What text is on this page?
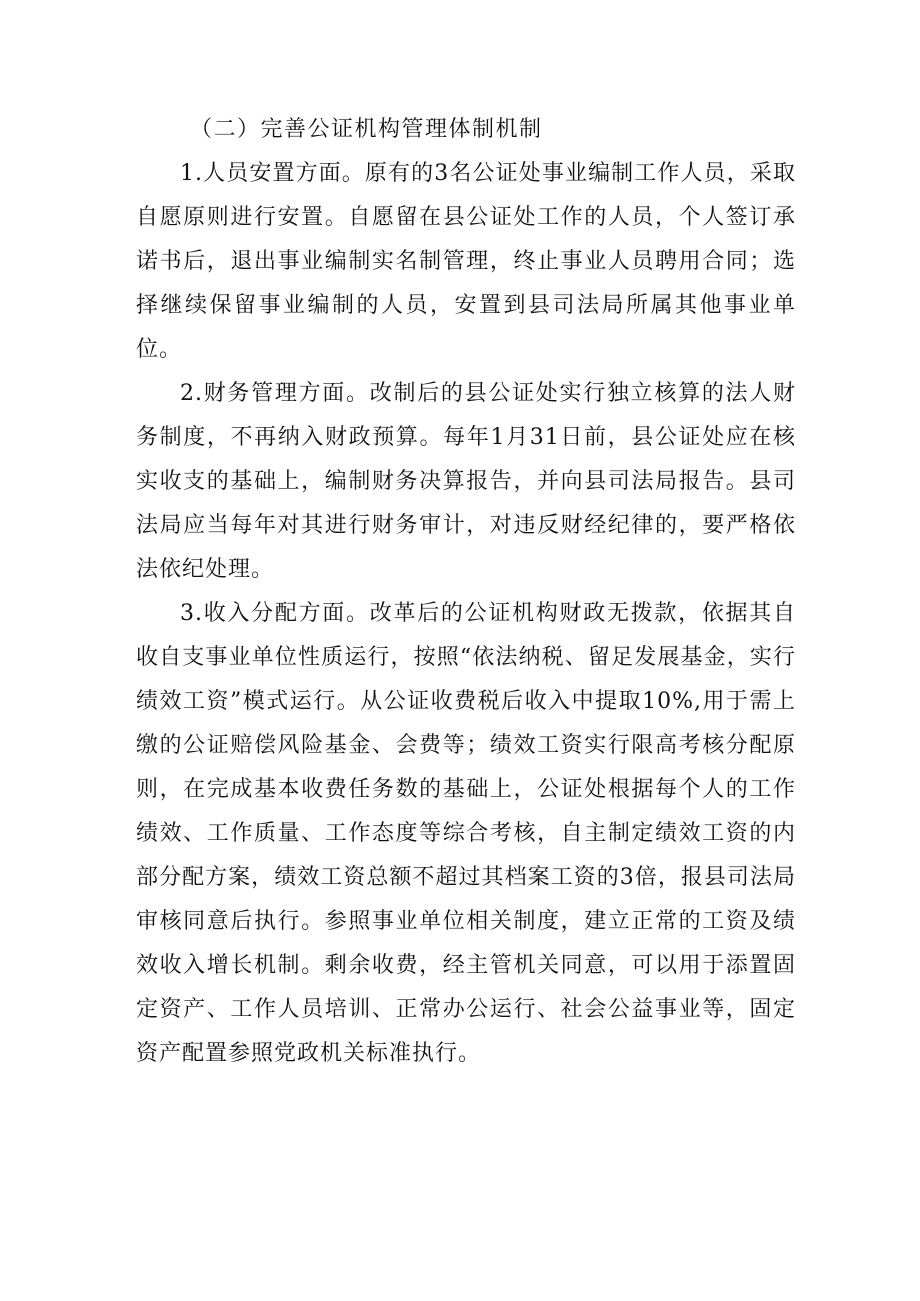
（二）完善公证机构管理体制机制

1.人员安置方面。原有的3名公证处事业编制工作人员，采取自愿原则进行安置。自愿留在县公证处工作的人员，个人签订承诺书后，退出事业编制实名制管理，终止事业人员聘用合同；选择继续保留事业编制的人员，安置到县司法局所属其他事业单位。

2.财务管理方面。改制后的县公证处实行独立核算的法人财务制度，不再纳入财政预算。每年1月31日前，县公证处应在核实收支的基础上，编制财务决算报告，并向县司法局报告。县司法局应当每年对其进行财务审计，对违反财经纪律的，要严格依法依纪处理。

3.收入分配方面。改革后的公证机构财政无拨款，依据其自收自支事业单位性质运行，按照“依法纳税、留足发展基金，实行绩效工资”模式运行。从公证收费税后收入中提取10%,用于需上缴的公证赔偿风险基金、会费等；绩效工资实行限高考核分配原则，在完成基本收费任务数的基础上，公证处根据每个人的工作绩效、工作质量、工作态度等综合考核，自主制定绩效工资的内部分配方案，绩效工资总额不超过其档案工资的3倍，报县司法局审核同意后执行。参照事业单位相关制度，建立正常的工资及绩效收入增长机制。剩余收费，经主管机关同意，可以用于添置固定资产、工作人员培训、正常办公运行、社会公益事业等，固定资产配置参照党政机关标准执行。
